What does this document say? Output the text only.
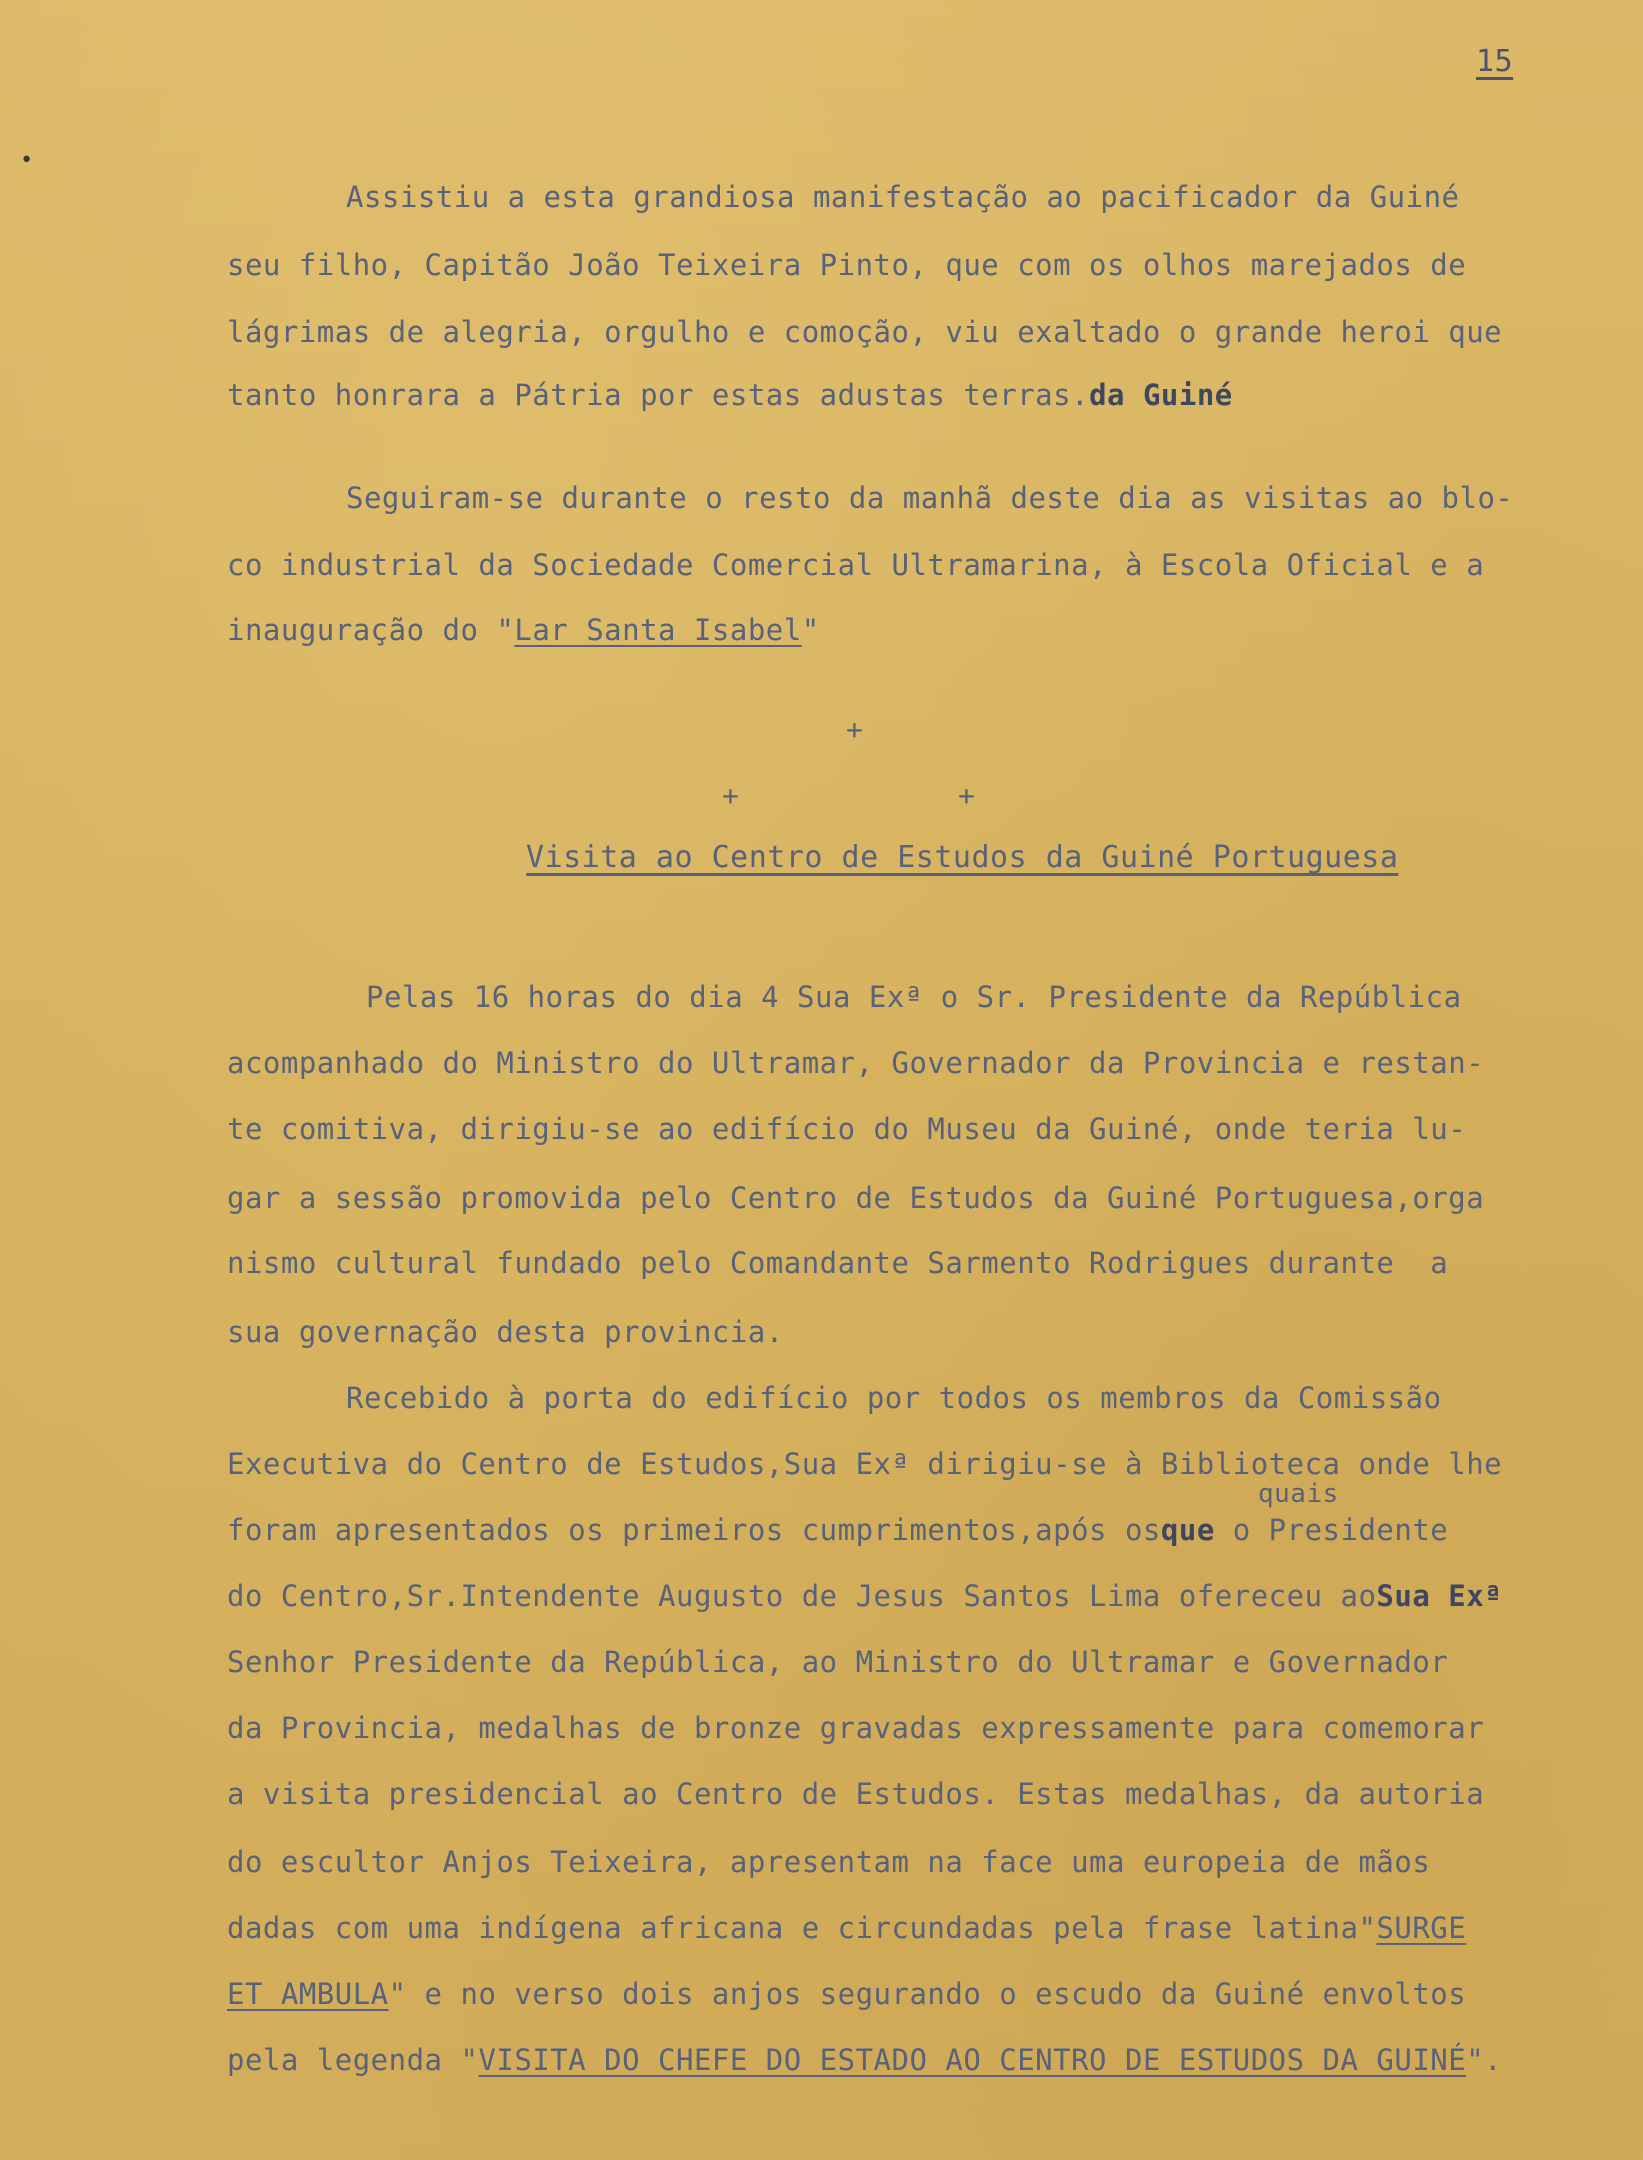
15
•
Assistiu a esta grandiosa manifestação ao pacificador da Guiné
seu filho, Capitão João Teixeira Pinto, que com os olhos marejados de
lágrimas de alegria, orgulho e comoção, viu exaltado o grande heroi que
tanto honrara a Pátria por estas adustas terras.da Guiné
Seguiram-se durante o resto da manhã deste dia as visitas ao blo-
co industrial da Sociedade Comercial Ultramarina, à Escola Oficial e a
inauguração do "Lar Santa Isabel"
+
+	+
Visita ao Centro de Estudos da Guiné Portuguesa
Pelas 16 horas do dia 4 Sua Exª o Sr. Presidente da República
acompanhado do Ministro do Ultramar, Governador da Provincia e restan-
te comitiva, dirigiu-se ao edifício do Museu da Guiné, onde teria lu-
gar a sessão promovida pelo Centro de Estudos da Guiné Portuguesa,orga
nismo cultural fundado pelo Comandante Sarmento Rodrigues durante  a
sua governação desta provincia.
Recebido à porta do edifício por todos os membros da Comissão
Executiva do Centro de Estudos,Sua Exª dirigiu-se à Biblioteca onde lhe
quais
foram apresentados os primeiros cumprimentos,após osque o Presidente
do Centro,Sr.Intendente Augusto de Jesus Santos Lima ofereceu aoSua Exª
Senhor Presidente da República, ao Ministro do Ultramar e Governador
da Provincia, medalhas de bronze gravadas expressamente para comemorar
a visita presidencial ao Centro de Estudos. Estas medalhas, da autoria
do escultor Anjos Teixeira, apresentam na face uma europeia de mãos
dadas com uma indígena africana e circundadas pela frase latina"SURGE
ET AMBULA" e no verso dois anjos segurando o escudo da Guiné envoltos
pela legenda "VISITA DO CHEFE DO ESTADO AO CENTRO DE ESTUDOS DA GUINÉ".
